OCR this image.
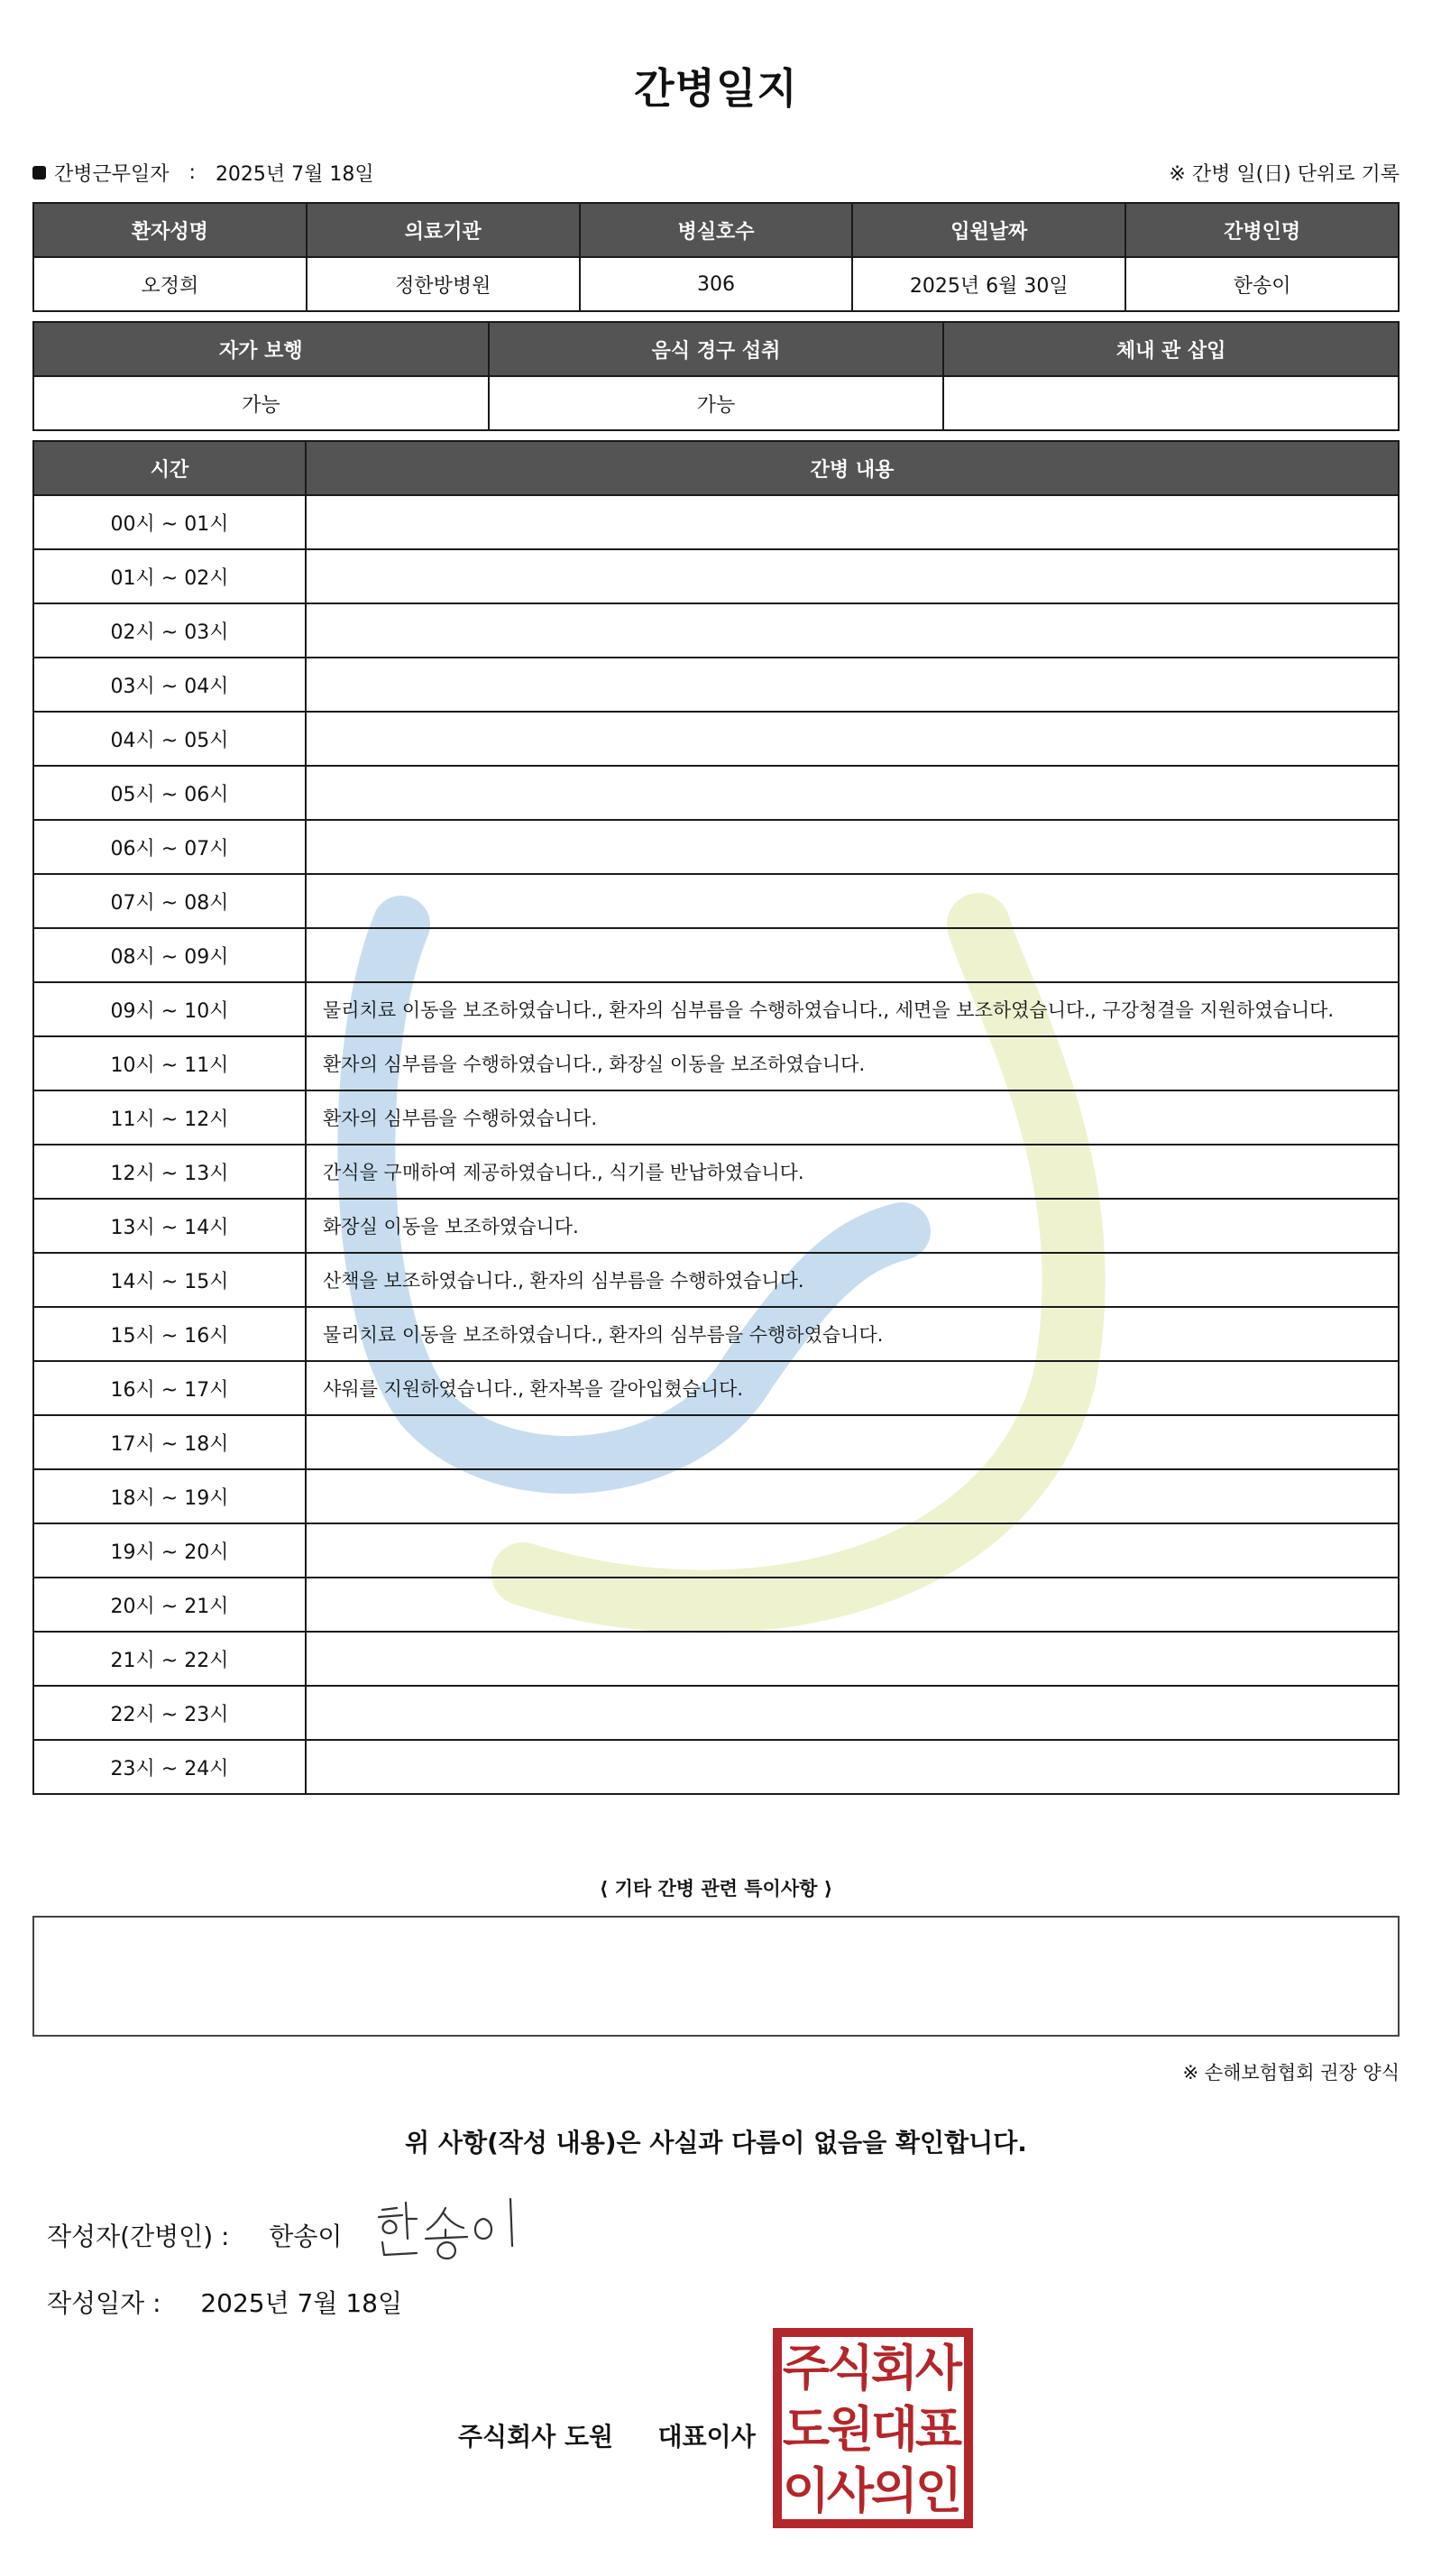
간병일지
간병근무일자 : 2025년 7월 18일	※ 간병 일(日) 단위로 기록
환자성명	의료기관	병실호수	입원날짜	간병인명
오정희	정한방병원	306	2025년 6월 30일	한송이
자가 보행	음식 경구 섭취	체내 관 삽입
가능	가능	
시간	간병 내용
00시 ~ 01시	
01시 ~ 02시	
02시 ~ 03시	
03시 ~ 04시	
04시 ~ 05시	
05시 ~ 06시	
06시 ~ 07시	
07시 ~ 08시	
08시 ~ 09시	
09시 ~ 10시	물리치료 이동을 보조하였습니다., 환자의 심부름을 수행하였습니다., 세면을 보조하였습니다., 구강청결을 지원하였습니다.
10시 ~ 11시	환자의 심부름을 수행하였습니다., 화장실 이동을 보조하였습니다.
11시 ~ 12시	환자의 심부름을 수행하였습니다.
12시 ~ 13시	간식을 구매하여 제공하였습니다., 식기를 반납하였습니다.
13시 ~ 14시	화장실 이동을 보조하였습니다.
14시 ~ 15시	산책을 보조하였습니다., 환자의 심부름을 수행하였습니다.
15시 ~ 16시	물리치료 이동을 보조하였습니다., 환자의 심부름을 수행하였습니다.
16시 ~ 17시	샤워를 지원하였습니다., 환자복을 갈아입혔습니다.
17시 ~ 18시	
18시 ~ 19시	
19시 ~ 20시	
20시 ~ 21시	
21시 ~ 22시	
22시 ~ 23시	
23시 ~ 24시	
⟨ 기타 간병 관련 특이사항 ⟩
※ 손해보험협회 권장 양식
위 사항(작성 내용)은 사실과 다름이 없음을 확인합니다.
작성자(간병인) : 한송이
작성일자 : 2025년 7월 18일
주식회사 도원 대표이사
주
식
회
사
도
원
대
표
이
사
의
인
